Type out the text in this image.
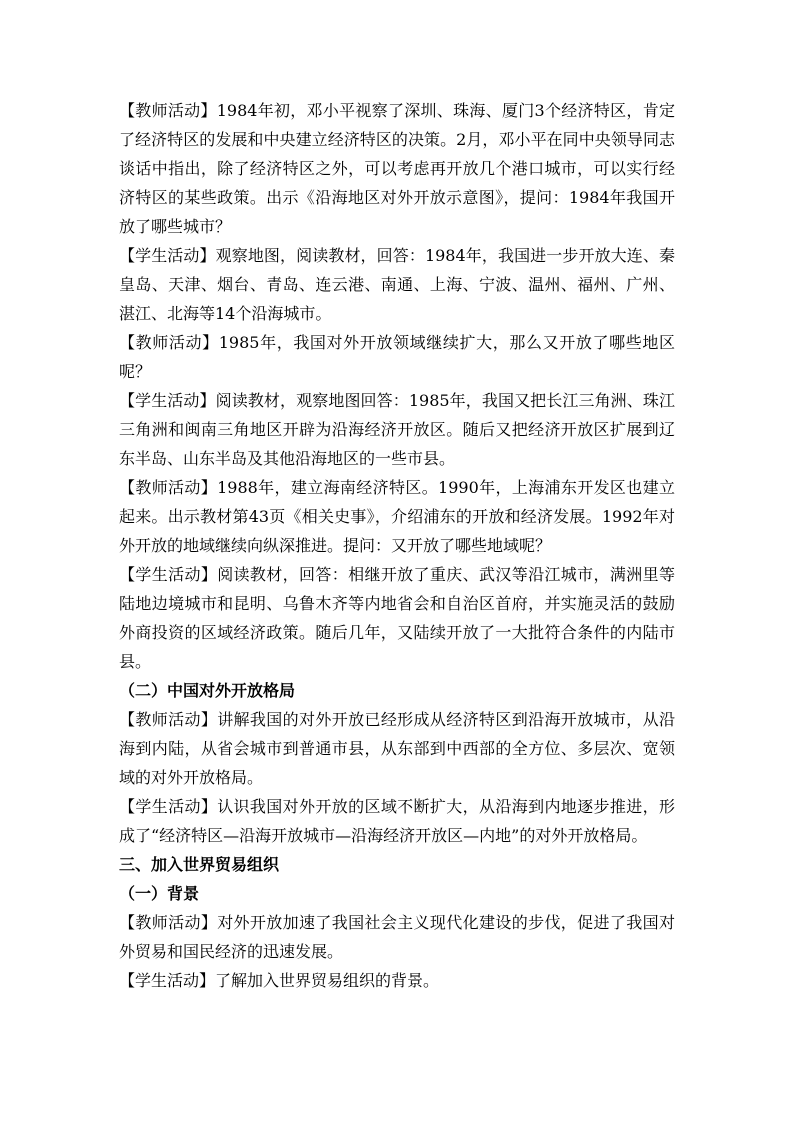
【教师活动】1984年初，邓小平视察了深圳、珠海、厦门3个经济特区，肯定了经济特区的发展和中央建立经济特区的决策。2月，邓小平在同中央领导同志谈话中指出，除了经济特区之外，可以考虑再开放几个港口城市，可以实行经济特区的某些政策。出示《沿海地区对外开放示意图》，提问：1984年我国开放了哪些城市？

【学生活动】观察地图，阅读教材，回答：1984年，我国进一步开放大连、秦皇岛、天津、烟台、青岛、连云港、南通、上海、宁波、温州、福州、广州、湛江、北海等14个沿海城市。

【教师活动】1985年，我国对外开放领域继续扩大，那么又开放了哪些地区呢？

【学生活动】阅读教材，观察地图回答：1985年，我国又把长江三角洲、珠江三角洲和闽南三角地区开辟为沿海经济开放区。随后又把经济开放区扩展到辽东半岛、山东半岛及其他沿海地区的一些市县。

【教师活动】1988年，建立海南经济特区。1990年，上海浦东开发区也建立起来。出示教材第43页《相关史事》，介绍浦东的开放和经济发展。1992年对外开放的地域继续向纵深推进。提问：又开放了哪些地域呢？

【学生活动】阅读教材，回答：相继开放了重庆、武汉等沿江城市，满洲里等陆地边境城市和昆明、乌鲁木齐等内地省会和自治区首府，并实施灵活的鼓励外商投资的区域经济政策。随后几年，又陆续开放了一大批符合条件的内陆市县。

（二）中国对外开放格局

【教师活动】讲解我国的对外开放已经形成从经济特区到沿海开放城市，从沿海到内陆，从省会城市到普通市县，从东部到中西部的全方位、多层次、宽领域的对外开放格局。

【学生活动】认识我国对外开放的区域不断扩大，从沿海到内地逐步推进，形成了“经济特区—沿海开放城市—沿海经济开放区—内地”的对外开放格局。

三、加入世界贸易组织

（一）背景

【教师活动】对外开放加速了我国社会主义现代化建设的步伐，促进了我国对外贸易和国民经济的迅速发展。

【学生活动】了解加入世界贸易组织的背景。
